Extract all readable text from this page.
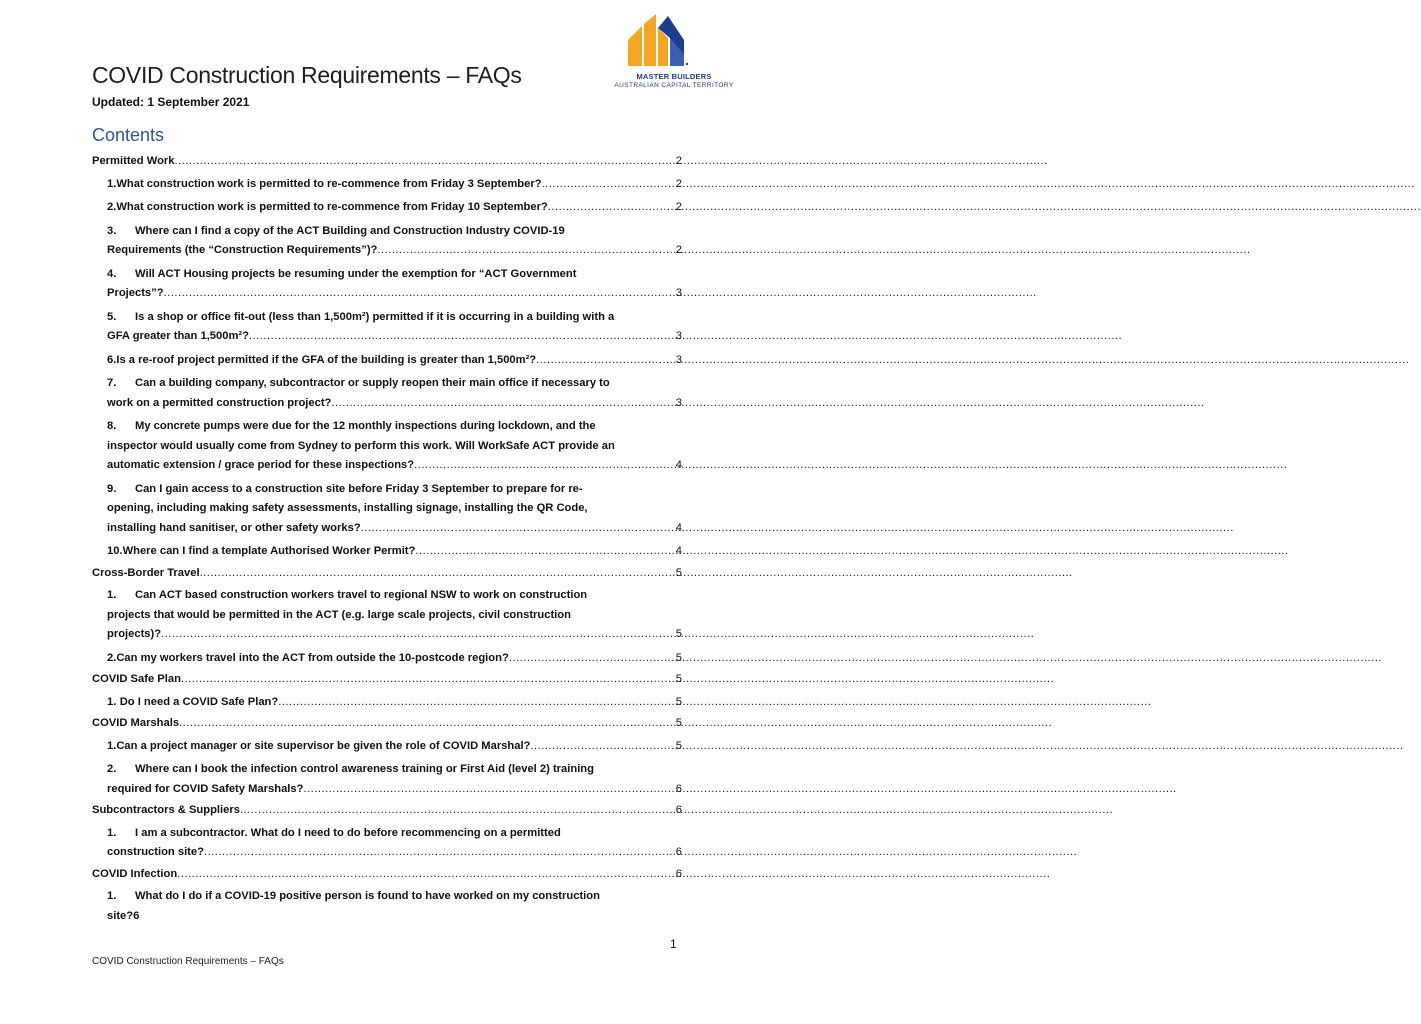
MASTER BUILDERS
AUSTRALIAN CAPITAL TERRITORY
COVID Construction Requirements – FAQs
Updated: 1 September 2021
Contents
Permitted Work .....	2
1. What construction work is permitted to re-commence from Friday 3 September? .....	2
2. What construction work is permitted to re-commence from Friday 10 September? .....	2
3. Where can I find a copy of the ACT Building and Construction Industry COVID-19
Requirements (the “Construction Requirements”)? .....	2
4. Will ACT Housing projects be resuming under the exemption for “ACT Government
Projects”? .....	3
5. Is a shop or office fit-out (less than 1,500m²) permitted if it is occurring in a building with a
GFA greater than 1,500m²? .....	3
6. Is a re-roof project permitted if the GFA of the building is greater than 1,500m²? .....	3
7. Can a building company, subcontractor or supply reopen their main office if necessary to
work on a permitted construction project? .....	3
8. My concrete pumps were due for the 12 monthly inspections during lockdown, and the
inspector would usually come from Sydney to perform this work. Will WorkSafe ACT provide an
automatic extension / grace period for these inspections? .....	4
9. Can I gain access to a construction site before Friday 3 September to prepare for re-
opening, including making safety assessments, installing signage, installing the QR Code,
installing hand sanitiser, or other safety works? .....	4
10. Where can I find a template Authorised Worker Permit? .....	4
Cross-Border Travel .....	5
1. Can ACT based construction workers travel to regional NSW to work on construction
projects that would be permitted in the ACT (e.g. large scale projects, civil construction
projects)? .....	5
2. Can my workers travel into the ACT from outside the 10-postcode region? .....	5
COVID Safe Plan .....	5
1. Do I need a COVID Safe Plan? .....	5
COVID Marshals .....	5
1. Can a project manager or site supervisor be given the role of COVID Marshal? .....	5
2. Where can I book the infection control awareness training or First Aid (level 2) training
required for COVID Safety Marshals? .....	6
Subcontractors & Suppliers .....	6
1. I am a subcontractor. What do I need to do before recommencing on a permitted
construction site? .....	6
COVID Infection .....	6
1. What do I do if a COVID-19 positive person is found to have worked on my construction
site?6
1
COVID Construction Requirements – FAQs
